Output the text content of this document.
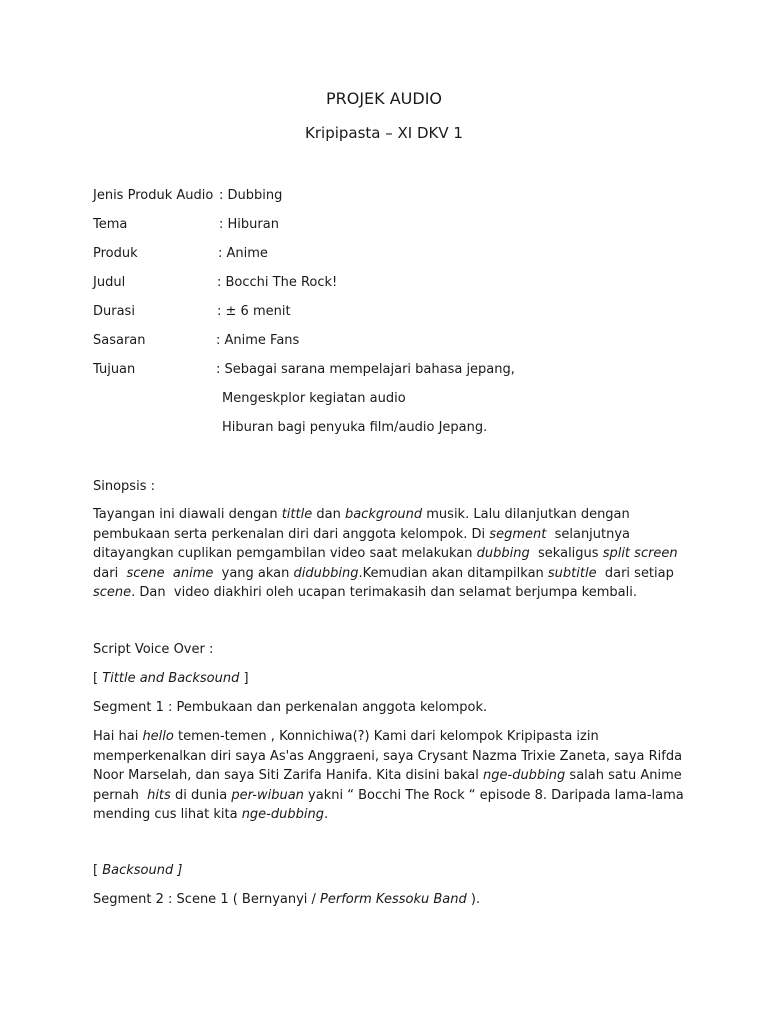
PROJEK AUDIO
Kripipasta – XI DKV 1
Jenis Produk Audio : Dubbing
Tema	: Hiburan
Produk	: Anime
Judul	: Bocchi The Rock!
Durasi	: ± 6 menit
Sasaran	: Anime Fans
Tujuan	: Sebagai sarana mempelajari bahasa jepang,
Mengeskplor kegiatan audio
Hiburan bagi penyuka film/audio Jepang.
Sinopsis :

Tayangan ini diawali dengan tittle dan background musik. Lalu dilanjutkan dengan

pembukaan serta perkenalan diri dari anggota kelompok. Di segment  selanjutnya

ditayangkan cuplikan pemgambilan video saat melakukan dubbing  sekaligus split screen

dari  scene  anime  yang akan didubbing.Kemudian akan ditampilkan subtitle  dari setiap

scene. Dan  video diakhiri oleh ucapan terimakasih dan selamat berjumpa kembali.

Script Voice Over :
[ Tittle and Backsound ]
Segment 1 : Pembukaan dan perkenalan anggota kelompok.

Hai hai hello temen-temen , Konnichiwa(?) Kami dari kelompok Kripipasta izin

memperkenalkan diri saya As'as Anggraeni, saya Crysant Nazma Trixie Zaneta, saya Rifda

Noor Marselah, dan saya Siti Zarifa Hanifa. Kita disini bakal nge-dubbing salah satu Anime

pernah  hits di dunia per-wibuan yakni “ Bocchi The Rock “ episode 8. Daripada lama-lama

mending cus lihat kita nge-dubbing.

[ Backsound ]
Segment 2 : Scene 1 ( Bernyanyi / Perform Kessoku Band ).
